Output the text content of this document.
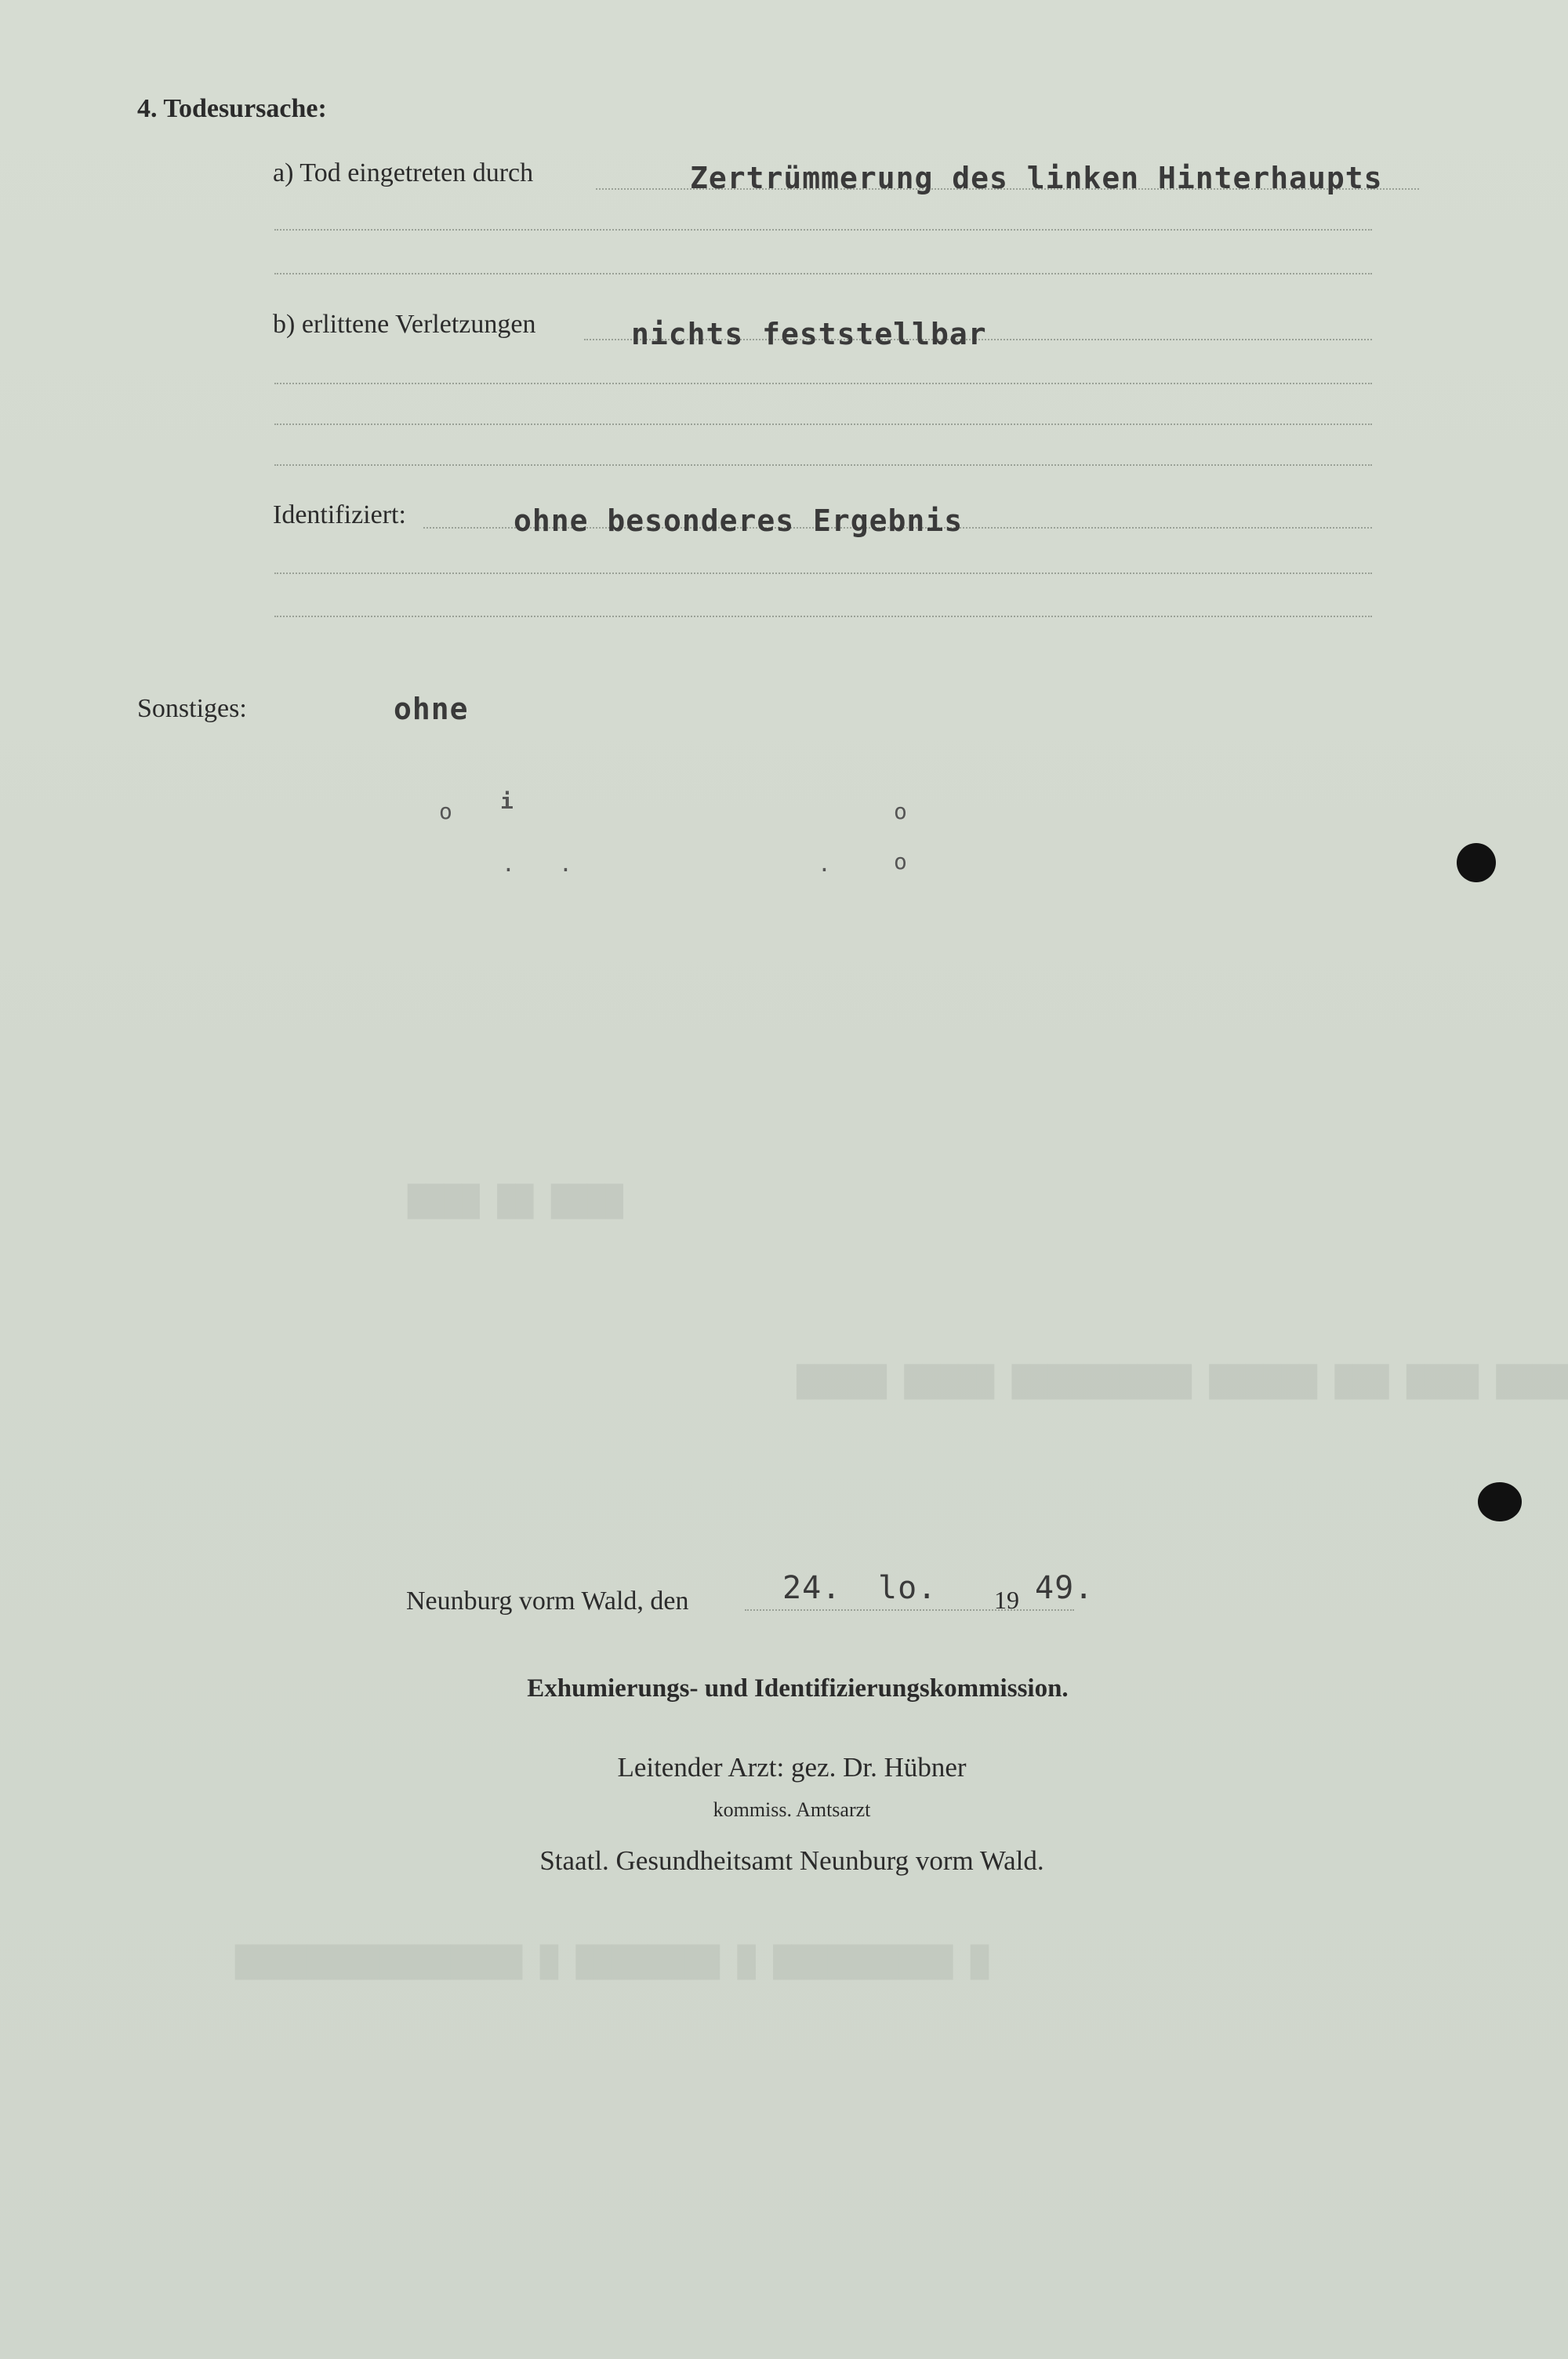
████ ██ ████
████ ████ ███ ██████ ██████████ █████ █████
█ ██████████ █ ████████ █ ████████████████
4. Todesursache:
a) Tod eingetreten durch	Zertrümmerung des linken Hinterhaupts
b) erlittene Verletzungen	nichts feststellbar
Identifiziert:	ohne besonderes Ergebnis
Sonstiges:	ohne
o i	o
. .	.	o
Neunburg vorm Wald, den	24. lo. 19 49.
Exhumierungs- und Identifizierungskommission.
Leitender Arzt: gez. Dr. Hübner
kommiss. Amtsarzt
Staatl. Gesundheitsamt Neunburg vorm Wald.
